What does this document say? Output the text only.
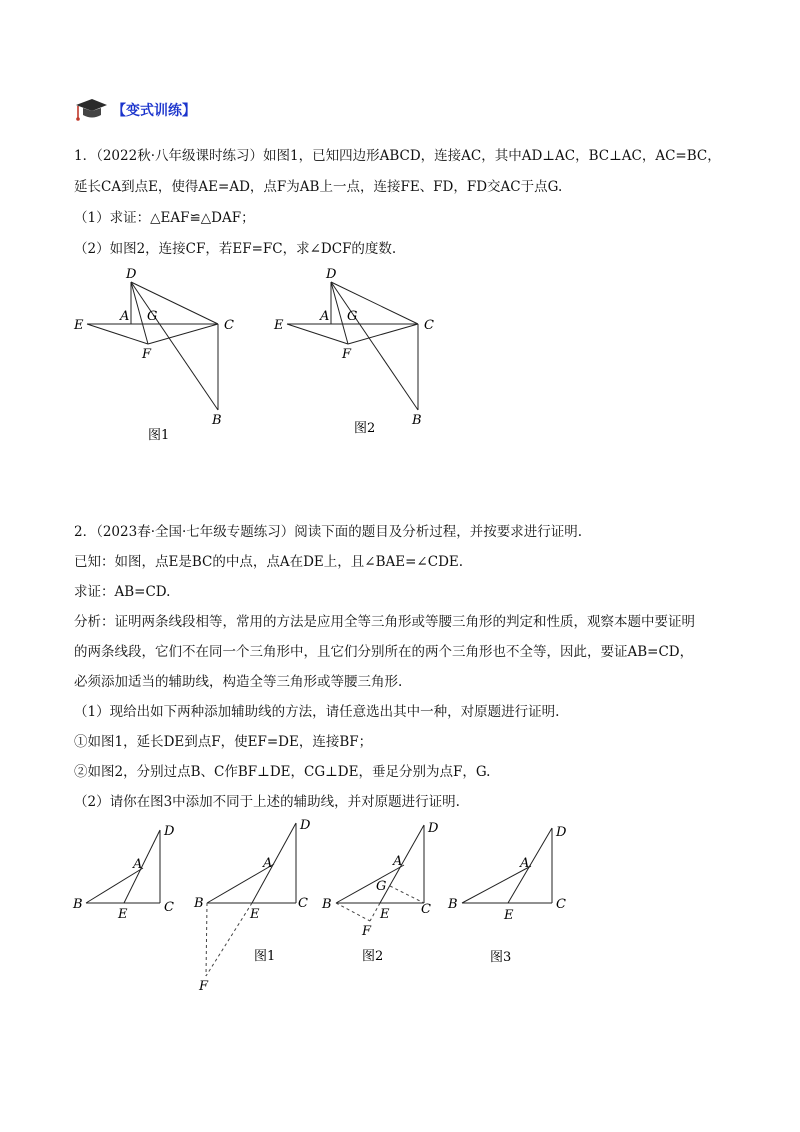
【变式训练】
1．（2022秋·八年级课时练习）如图1，已知四边形ABCD，连接AC，其中AD⊥AC，BC⊥AC，AC=BC，
延长CA到点E，使得AE=AD，点F为AB上一点，连接FE、FD，FD交AC于点G.
（1）求证：△EAF≌△DAF；
（2）如图2，连接CF，若EF=FC，求∠DCF的度数.
D
E
A G
C
F
B
图1
D
E
A G
C
F
B
图2
2．（2023春·全国·七年级专题练习）阅读下面的题目及分析过程，并按要求进行证明.
已知：如图，点E是BC的中点，点A在DE上，且∠BAE=∠CDE.
求证：AB=CD.
分析：证明两条线段相等，常用的方法是应用全等三角形或等腰三角形的判定和性质，观察本题中要证明
的两条线段，它们不在同一个三角形中，且它们分别所在的两个三角形也不全等，因此，要证AB=CD，
必须添加适当的辅助线，构造全等三角形或等腰三角形.
（1）现给出如下两种添加辅助线的方法，请任意选出其中一种，对原题进行证明.
①如图1，延长DE到点F，使EF=DE，连接BF；
②如图2，分别过点B、C作BF⊥DE，CG⊥DE，垂足分别为点F，G.
（2）请你在图3中添加不同于上述的辅助线，并对原题进行证明.
D
A
B
E	C
D
A
B
E
C
F
图1
D
A
G
B
E C
F
图2
D
A
B
E
C
图3
